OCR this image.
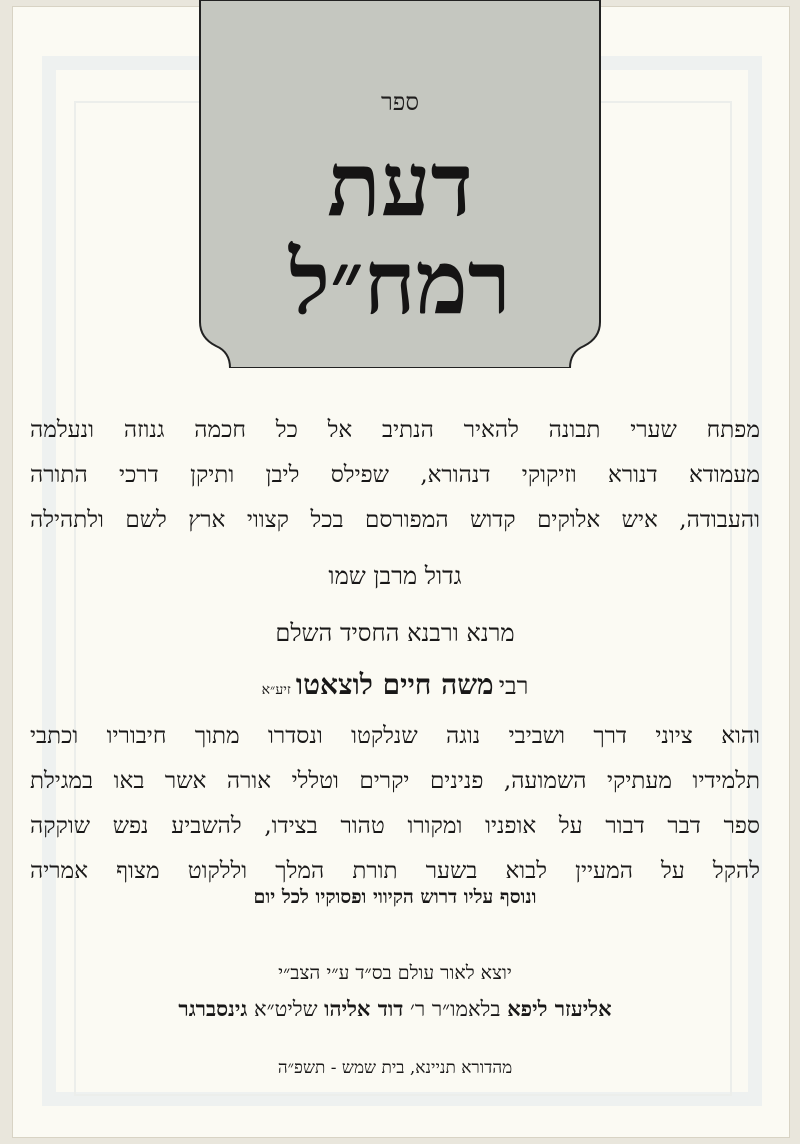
ספר
דעת
רמח״ל
מפתח שערי תבונה להאיר הנתיב אל כל חכמה גנוזה ונעלמה
מעמודא דנורא וזיקוקי דנהורא, שפילס ליבן ותיקן דרכי התורה
והעבודה, איש אלוקים קדוש המפורסם בכל קצווי ארץ לשם ולתהילה
גדול מרבן שמו
מרנא ורבנא החסיד השלם
רבי משה חיים לוצאטו זיע״א
והוא ציוני דרך ושביבי נוגה שנלקטו ונסדרו מתוך חיבוריו וכתבי
תלמידיו מעתיקי השמועה, פנינים יקרים וטללי אורה אשר באו במגילת
ספר דבר דבור על אופניו ומקורו טהור בצידו, להשביע נפש שוקקה
להקל על המעיין לבוא בשער תורת המלך וללקוט מצוף אמריה
ונוסף עליו דרוש הקיווי ופסוקיו לכל יום
יוצא לאור עולם בס״ד ע״י הצב״י
אליעזר ליפא בלאמו״ר ר׳ דוד אליהו שליט״א גינסברגר
מהדורא תניינא, בית שמש - תשפ״ה
